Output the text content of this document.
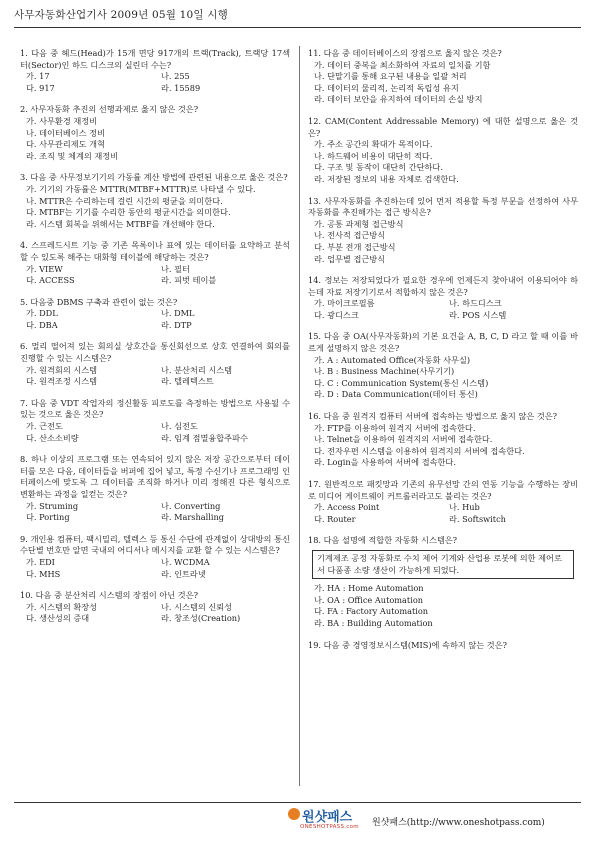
사무자동화산업기사 2009년 05월 10일 시행
1. 다음 중 헤드(Head)가 15개 면당 917개의 트랙(Track), 트랙당 17섹터(Sector)인 하드 디스크의 실린더 수는?
가. 17	나. 255
다. 917	라. 15589
2. 사무자동화 추진의 선행과제로 옳지 않은 것은?
가. 사무환경 재정비
나. 데이터베이스 정비
다. 사무관리제도 개혁
라. 조직 및 체계의 재정비
3. 다음 중 사무정보기기의 가동률 계산 방법에 관련된 내용으로 옳은 것은?
가. 기기의 가동률은 MTTR(MTBF+MTTR)로 나타낼 수 있다.
나. MTTR은 수리하는데 걸린 시간의 평균을 의미한다.
다. MTBF는 기기를 수리한 동안의 평균시간을 의미한다.
라. 시스템 회복을 위해서는 MTBF를 개선해야 한다.
4. 스프레드시트 기능 중 기존 목록이나 표에 있는 데이터를 요약하고 분석할 수 있도록 해주는 대화형 테이블에 해당하는 것은?
가. VIEW	나. 필터
다. ACCESS	라. 피벗 테이블
5. 다음중 DBMS 구축과 관련이 없는 것은?
가. DDL	나. DML
다. DBA	라. DTP
6. 멀리 떨어져 있는 회의실 상호간을 통신회선으로 상호 연결하여 회의를 진행할 수 있는 시스템은?
가. 원격회의 시스템	나. 분산처리 시스템
다. 원격조정 시스템	라. 텔레텍스트
7. 다음 중 VDT 작업자의 정신활동 피로도를 측정하는 방법으로 사용될 수 있는 것으로 옳은 것은?
가. 근전도	나. 심전도
다. 산소소비량	라. 임계 점멸융합주파수
8. 하나 이상의 프로그램 또는 연속되어 있지 않은 저장 공간으로부터 데이터를 모은 다음, 데이터들을 버퍼에 집어 넣고, 특정 수신기나 프로그래밍 인터페이스에 맞도록 그 데이터를 조직화 하거나 미리 정해진 다른 형식으로 변환하는 과정을 일컫는 것은?
가. Struming	나. Converting
다. Porting	라. Marshalling
9. 개인용 컴퓨터, 팩시밀리, 텔렉스 등 통신 수단에 관계없이 상대방의 통신 수단별 번호만 알면 국내의 어디서나 메시지를 교환 할 수 있는 시스템은?
가. EDI	나. WCDMA
다. MHS	라. 인트라넷
10. 다음 중 분산처리 시스템의 장점이 아닌 것은?
가. 시스템의 확장성	나. 시스템의 신뢰성
다. 생산성의 증대	라. 창조성(Creation)
11. 다음 중 데이터베이스의 장점으로 옳지 않은 것은?
가. 데이터 중복을 최소화하여 자료의 일치를 기함
나. 단말기를 통해 요구된 내용을 일괄 처리
다. 데이터의 물리적, 논리적 독립성 유지
라. 데이터 보안을 유지하여 데이터의 손실 방지
12. CAM(Content Addressable Memory) 에 대한 설명으로 옳은 것은?
가. 주소 공간의 확대가 목적이다.
나. 하드웨어 비용이 대단히 적다.
다. 구조 및 동작이 대단히 간단하다.
라. 저장된 정보의 내용 자체로 검색한다.
13. 사무자동화를 추진하는데 있어 먼저 적용할 특정 부문을 선정하여 사무자동화를 추진해가는 접근 방식은?
가. 공통 과제형 접근방식
나. 전사적 접근방식
다. 부분 전개 접근방식
라. 업무별 접근방식
14. 정보는 저장되었다가 필요한 경우에 언제든지 찾아내어 이용되어야 하는데 자료 저장기기로서 적합하지 않은 것은?
가. 마이크로필름	나. 하드디스크
다. 광디스크	라. POS 시스템
15. 다음 중 OA(사무자동화)의 기본 요건을 A, B, C, D 라고 할 때 이를 바르게 설명하지 않은 것은?
가. A : Automated Office(자동화 사무실)
나. B : Business Machine(사무기기)
다. C : Communication System(통신 시스템)
라. D : Data Communication(데이터 통신)
16. 다음 중 원격지 컴퓨터 서버에 접속하는 방법으로 옳지 않은 것은?
가. FTP를 이용하여 원격지 서버에 접속한다.
나. Telnet을 이용하여 원격지의 서버에 접속한다.
다. 전자우편 시스템을 이용하여 원격지의 서버에 접속한다.
라. Login을 사용하여 서버에 접속한다.
17. 원반적으로 패킷망과 기존의 유무선망 간의 연동 기능을 수행하는 장비로 미디어 게이트웨이 커트롤러라고도 불리는 것은?
가. Access Point	나. Hub
다. Router	라. Softswitch
18. 다음 설명에 적합한 자동화 시스템은?
기계제조 공정 자동화로 수치 제어 기계와 산업용 로봇에 의한 제어로서 다품종 소량 생산이 가능하게 되었다.
가. HA : Home Automation
나. OA : Office Automation
다. FA : Factory Automation
라. BA : Building Automation
19. 다음 중 경영정보시스템(MIS)에 속하지 않는 것은?
원샷패스
ONESHOTPASS.com 원샷패스(http://www.oneshotpass.com)
